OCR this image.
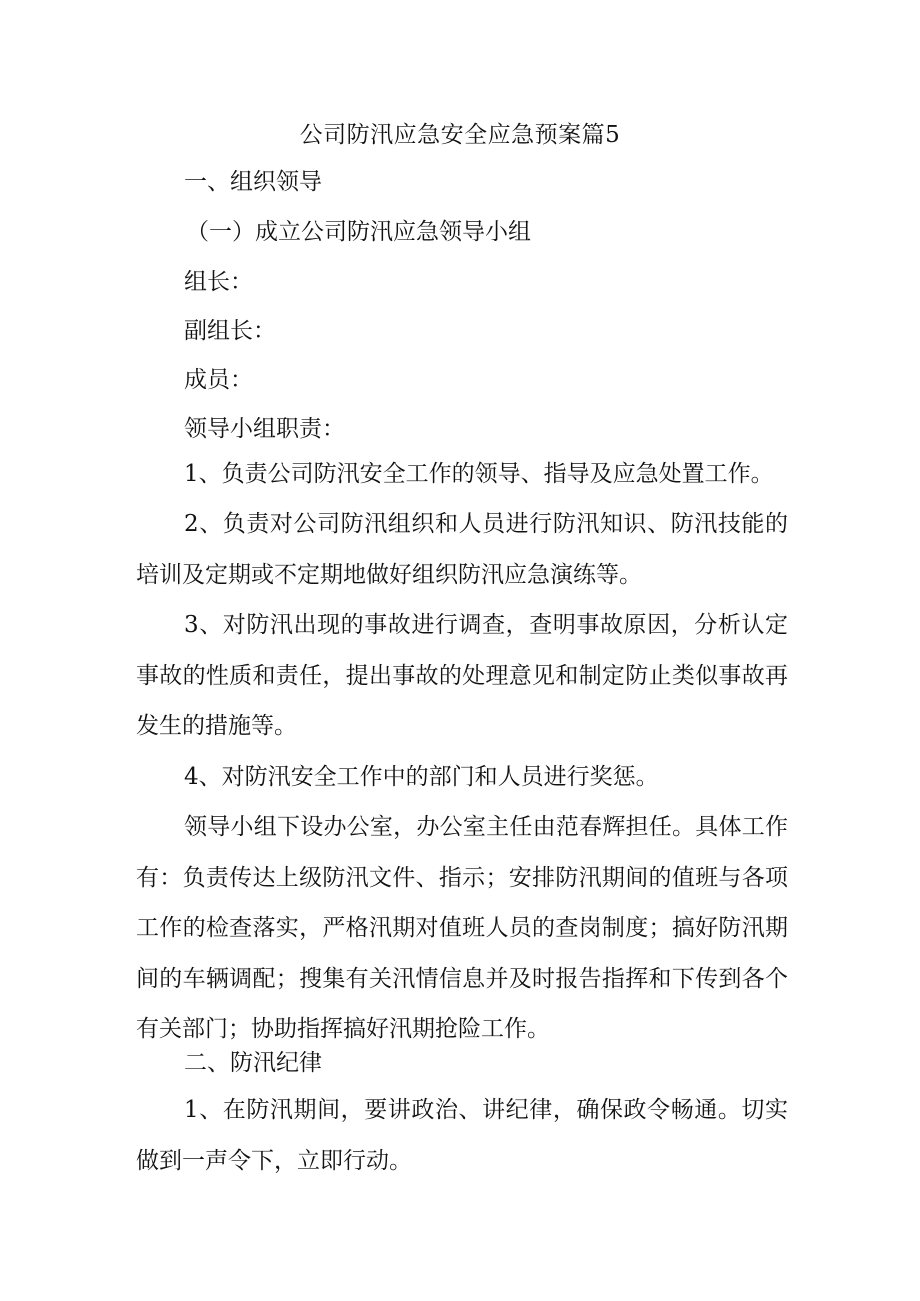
公司防汛应急安全应急预案篇5
一、组织领导
（一）成立公司防汛应急领导小组
组长：
副组长：
成员：
领导小组职责：
1、负责公司防汛安全工作的领导、指导及应急处置工作。
2、负责对公司防汛组织和人员进行防汛知识、防汛技能的培训及定期或不定期地做好组织防汛应急演练等。
3、对防汛出现的事故进行调查，查明事故原因，分析认定事故的性质和责任，提出事故的处理意见和制定防止类似事故再发生的措施等。
4、对防汛安全工作中的部门和人员进行奖惩。
领导小组下设办公室，办公室主任由范春辉担任。具体工作有：负责传达上级防汛文件、指示；安排防汛期间的值班与各项工作的检查落实，严格汛期对值班人员的查岗制度；搞好防汛期间的车辆调配；搜集有关汛情信息并及时报告指挥和下传到各个有关部门；协助指挥搞好汛期抢险工作。
二、防汛纪律
1、在防汛期间，要讲政治、讲纪律，确保政令畅通。切实做到一声令下，立即行动。
